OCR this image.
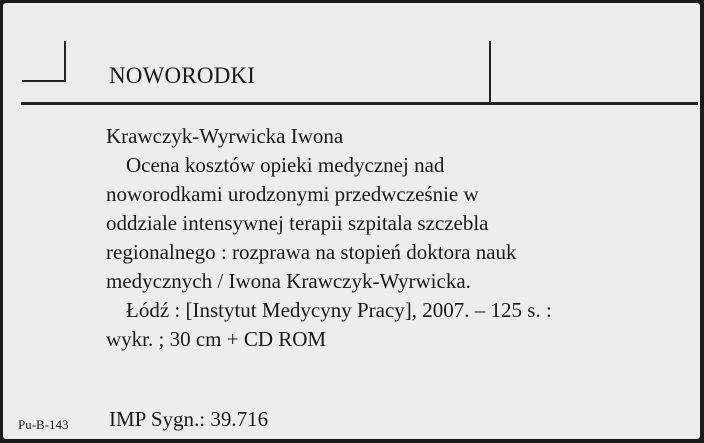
NOWORODKI
Krawczyk-Wyrwicka Iwona
Ocena kosztów opieki medycznej nad
noworodkami urodzonymi przedwcześnie w
oddziale intensywnej terapii szpitala szczebla
regionalnego : rozprawa na stopień doktora nauk
medycznych / Iwona Krawczyk-Wyrwicka.
Łódź : [Instytut Medycyny Pracy], 2007. – 125 s. :
wykr. ; 30 cm + CD ROM
Pu-B-143 IMP Sygn.: 39.716
